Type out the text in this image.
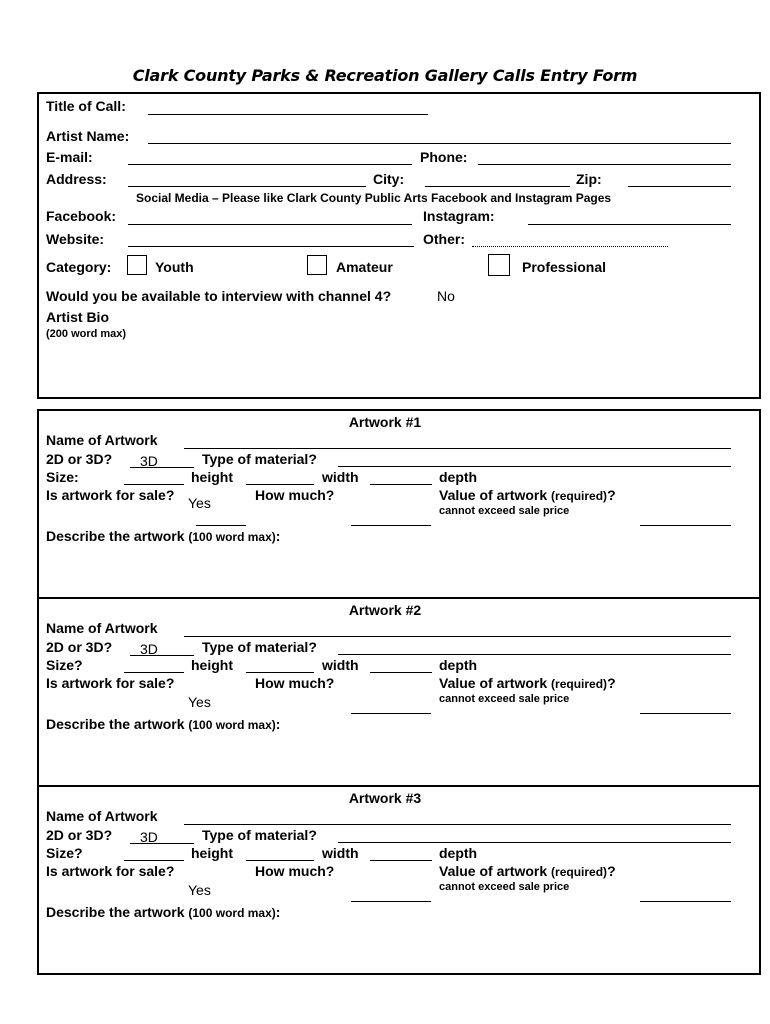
Clark County Parks & Recreation Gallery Calls Entry Form
Title of Call:
Artist Name:
E-mail:	Phone:
Address:	City:	Zip:
Social Media – Please like Clark County Public Arts Facebook and Instagram Pages
Facebook:	Instagram:
Website:	Other:
Category:	Youth	Amateur	Professional
Would you be available to interview with channel 4?	No
Artist Bio
(200 word max)
Artwork #1
Name of Artwork
2D or 3D? 3D	Type of material?
Size:	height	width	depth
Is artwork for sale? Yes	How much?	Value of artwork (required)?
cannot exceed sale price
Describe the artwork (100 word max):
Artwork #2
Name of Artwork
2D or 3D? 3D	Type of material?
Size?	height	width	depth
Is artwork for sale?
Yes
How much?	Value of artwork (required)?
cannot exceed sale price
Describe the artwork (100 word max):
Artwork #3
Name of Artwork
2D or 3D? 3D	Type of material?
Size?	height	width	depth
Is artwork for sale?
Yes
How much?	Value of artwork (required)?
cannot exceed sale price
Describe the artwork (100 word max):
